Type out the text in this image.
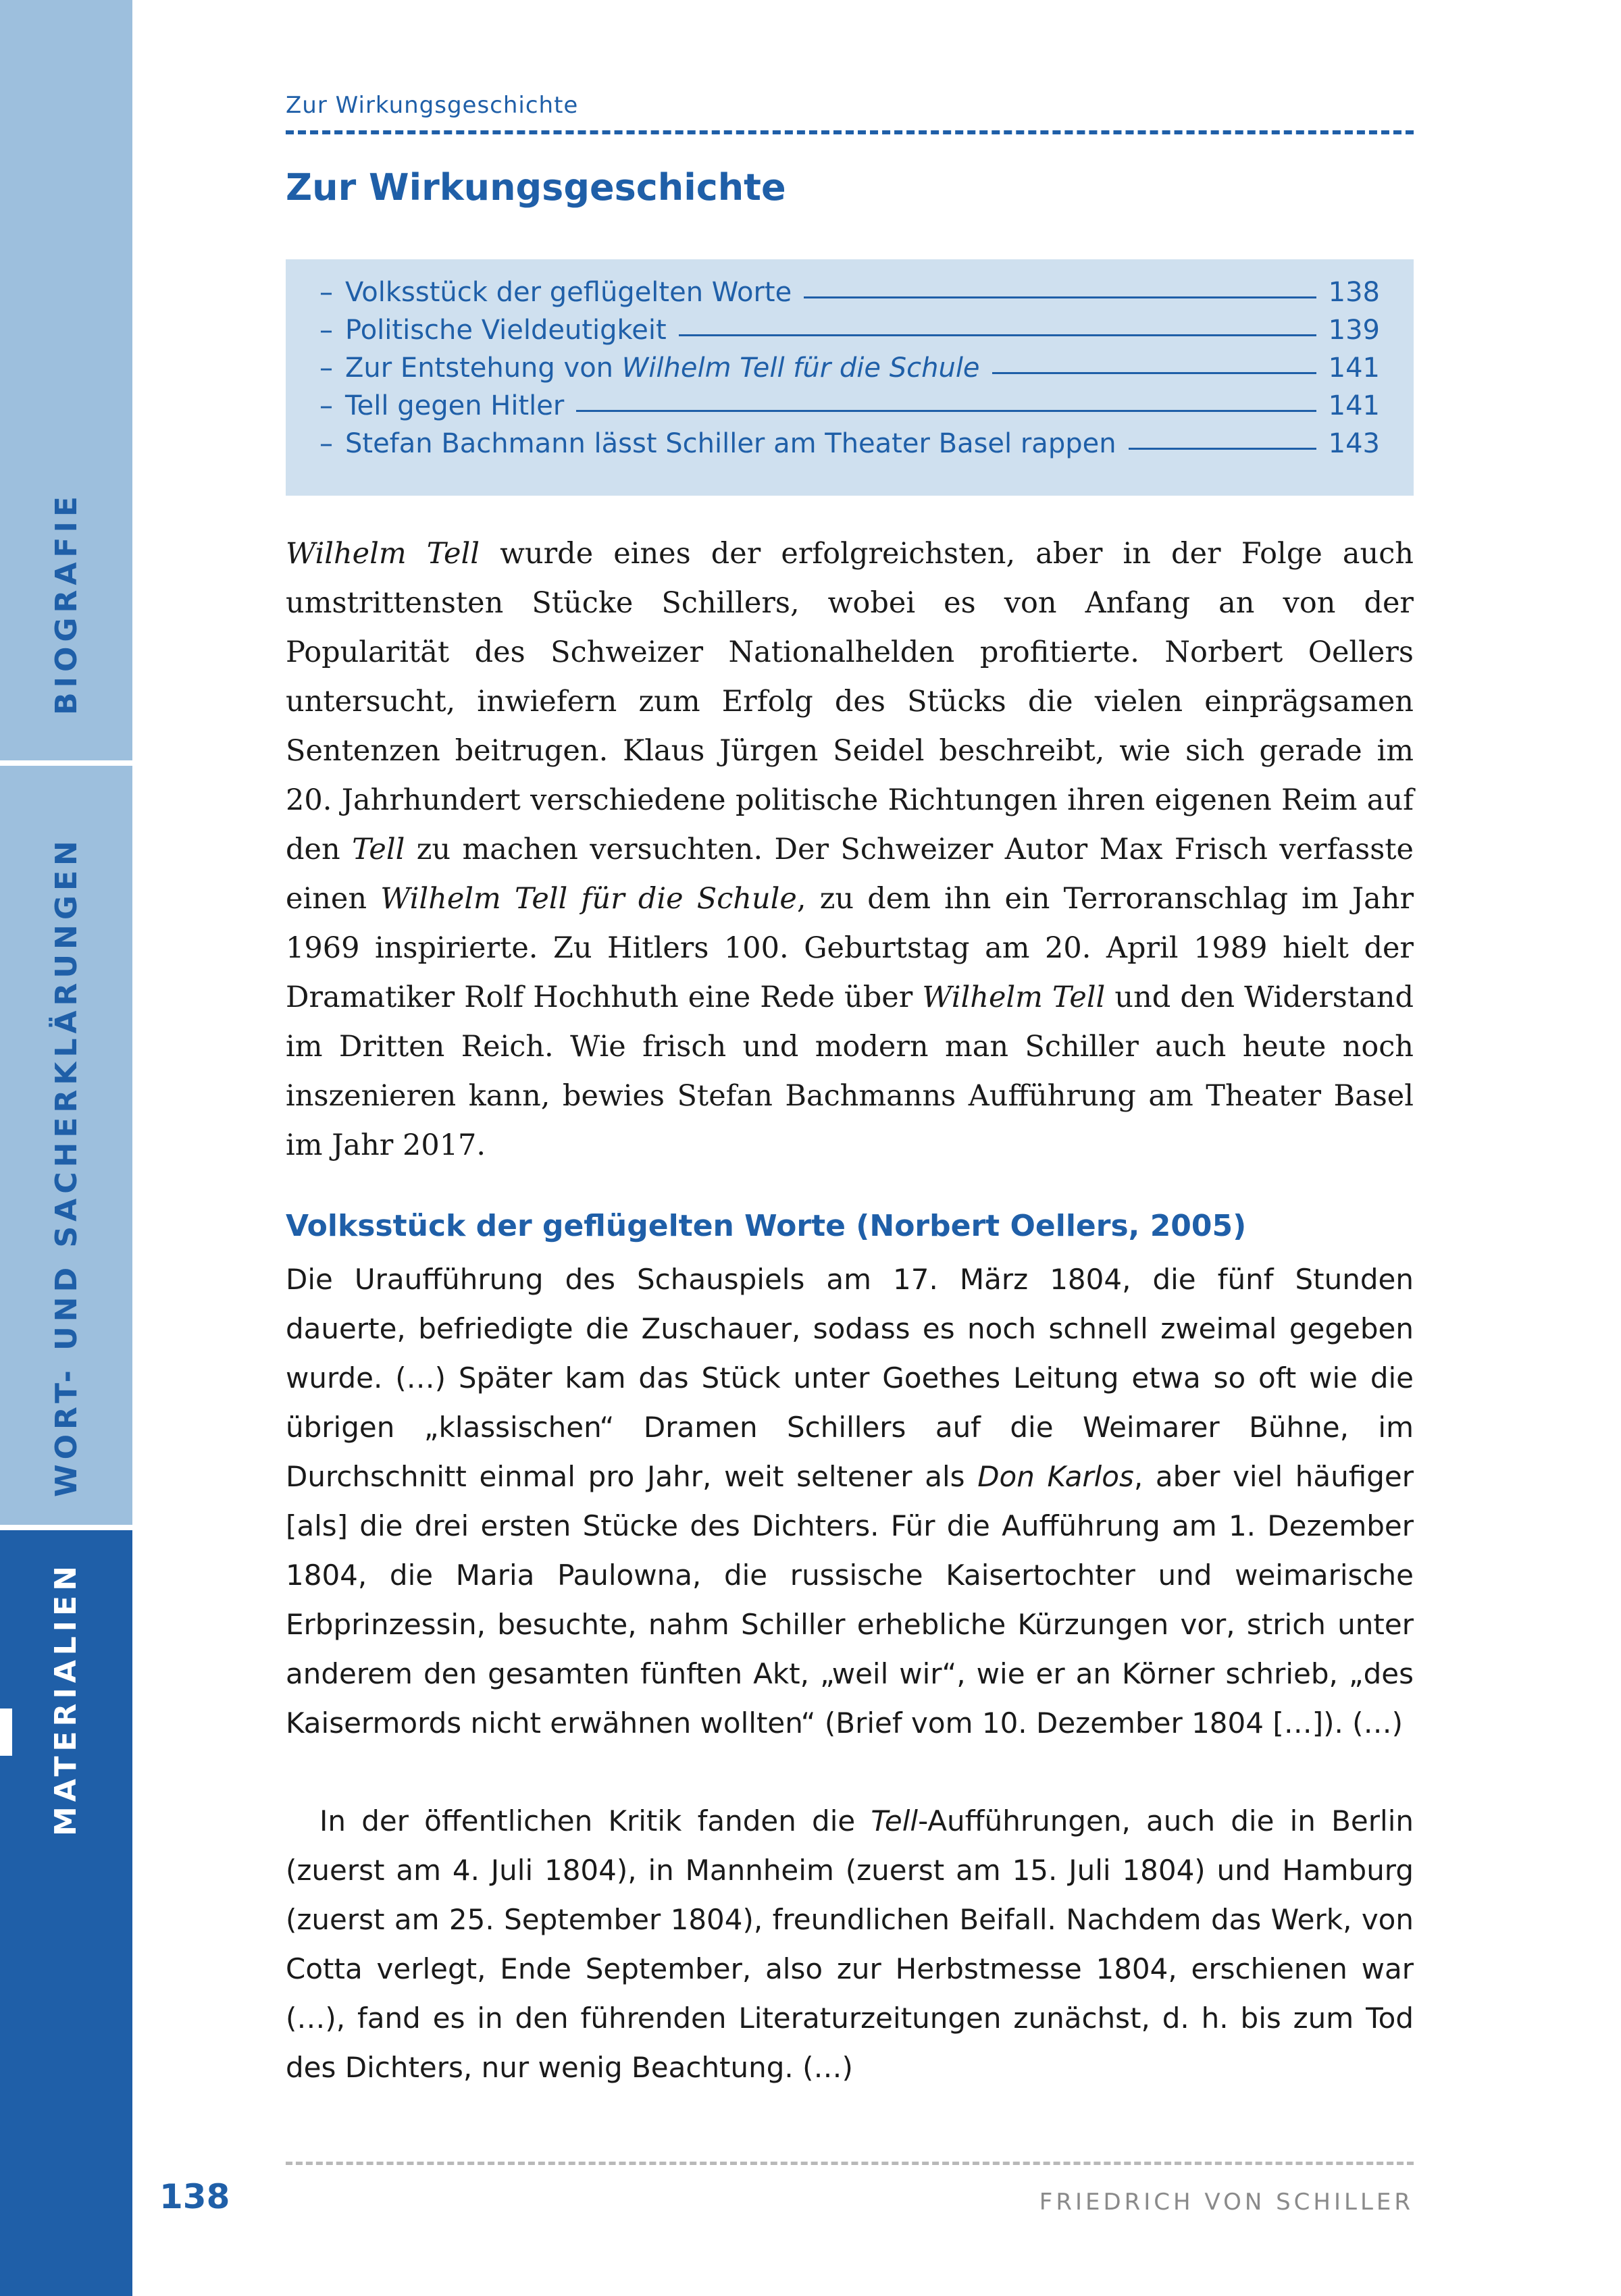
BIOGRAFIE
WORT- UND SACHERKLÄRUNGEN
MATERIALIEN
Zur Wirkungsgeschichte
Zur Wirkungsgeschichte
– Volksstück der geflügelten Worte	138
– Politische Vieldeutigkeit	139
– Zur Entstehung von Wilhelm Tell für die Schule	141
– Tell gegen Hitler	141
– Stefan Bachmann lässt Schiller am Theater Basel rappen	143

Wilhelm Tell wurde eines der erfolgreichsten, aber in der Folge auch umstrittensten Stücke Schillers, wobei es von Anfang an von der Popularität des Schweizer Nationalhelden profitierte. Norbert Oellers untersucht, inwiefern zum Erfolg des Stücks die vielen einprägsamen Sentenzen beitrugen. Klaus Jürgen Seidel beschreibt, wie sich gerade im 20. Jahrhundert verschiedene politische Richtungen ihren eigenen Reim auf den Tell zu machen versuchten. Der Schweizer Autor Max Frisch verfasste einen Wilhelm Tell für die Schule, zu dem ihn ein Terroranschlag im Jahr 1969 inspirierte. Zu Hitlers 100. Geburtstag am 20. April 1989 hielt der Dramatiker Rolf Hochhuth eine Rede über Wilhelm Tell und den Widerstand im Dritten Reich. Wie frisch und modern man Schiller auch heute noch inszenieren kann, bewies Stefan Bachmanns Aufführung am Theater Basel im Jahr 2017.

Volksstück der geflügelten Worte (Norbert Oellers, 2005)

Die Uraufführung des Schauspiels am 17. März 1804, die fünf Stunden dauerte, befriedigte die Zuschauer, sodass es noch schnell zweimal gegeben wurde. (…) Später kam das Stück unter Goethes Leitung etwa so oft wie die übrigen „klassischen“ Dramen Schillers auf die Weimarer Bühne, im Durchschnitt einmal pro Jahr, weit seltener als Don Karlos, aber viel häufiger [als] die drei ersten Stücke des Dichters. Für die Aufführung am 1. Dezember 1804, die Maria Paulowna, die russische Kaisertochter und weimarische Erbprinzessin, besuchte, nahm Schiller erhebliche Kürzungen vor, strich unter anderem den gesamten fünften Akt, „weil wir“, wie er an Körner schrieb, „des Kaisermords nicht erwähnen wollten“ (Brief vom 10. Dezember 1804 […]). (…)

In der öffentlichen Kritik fanden die Tell-Aufführungen, auch die in Berlin (zuerst am 4. Juli 1804), in Mannheim (zuerst am 15. Juli 1804) und Hamburg (zuerst am 25. September 1804), freundlichen Beifall. Nachdem das Werk, von Cotta verlegt, Ende September, also zur Herbstmesse 1804, erschienen war (…), fand es in den führenden Literaturzeitungen zunächst, d. h. bis zum Tod des Dichters, nur wenig Beachtung. (…)

138	FRIEDRICH VON SCHILLER
